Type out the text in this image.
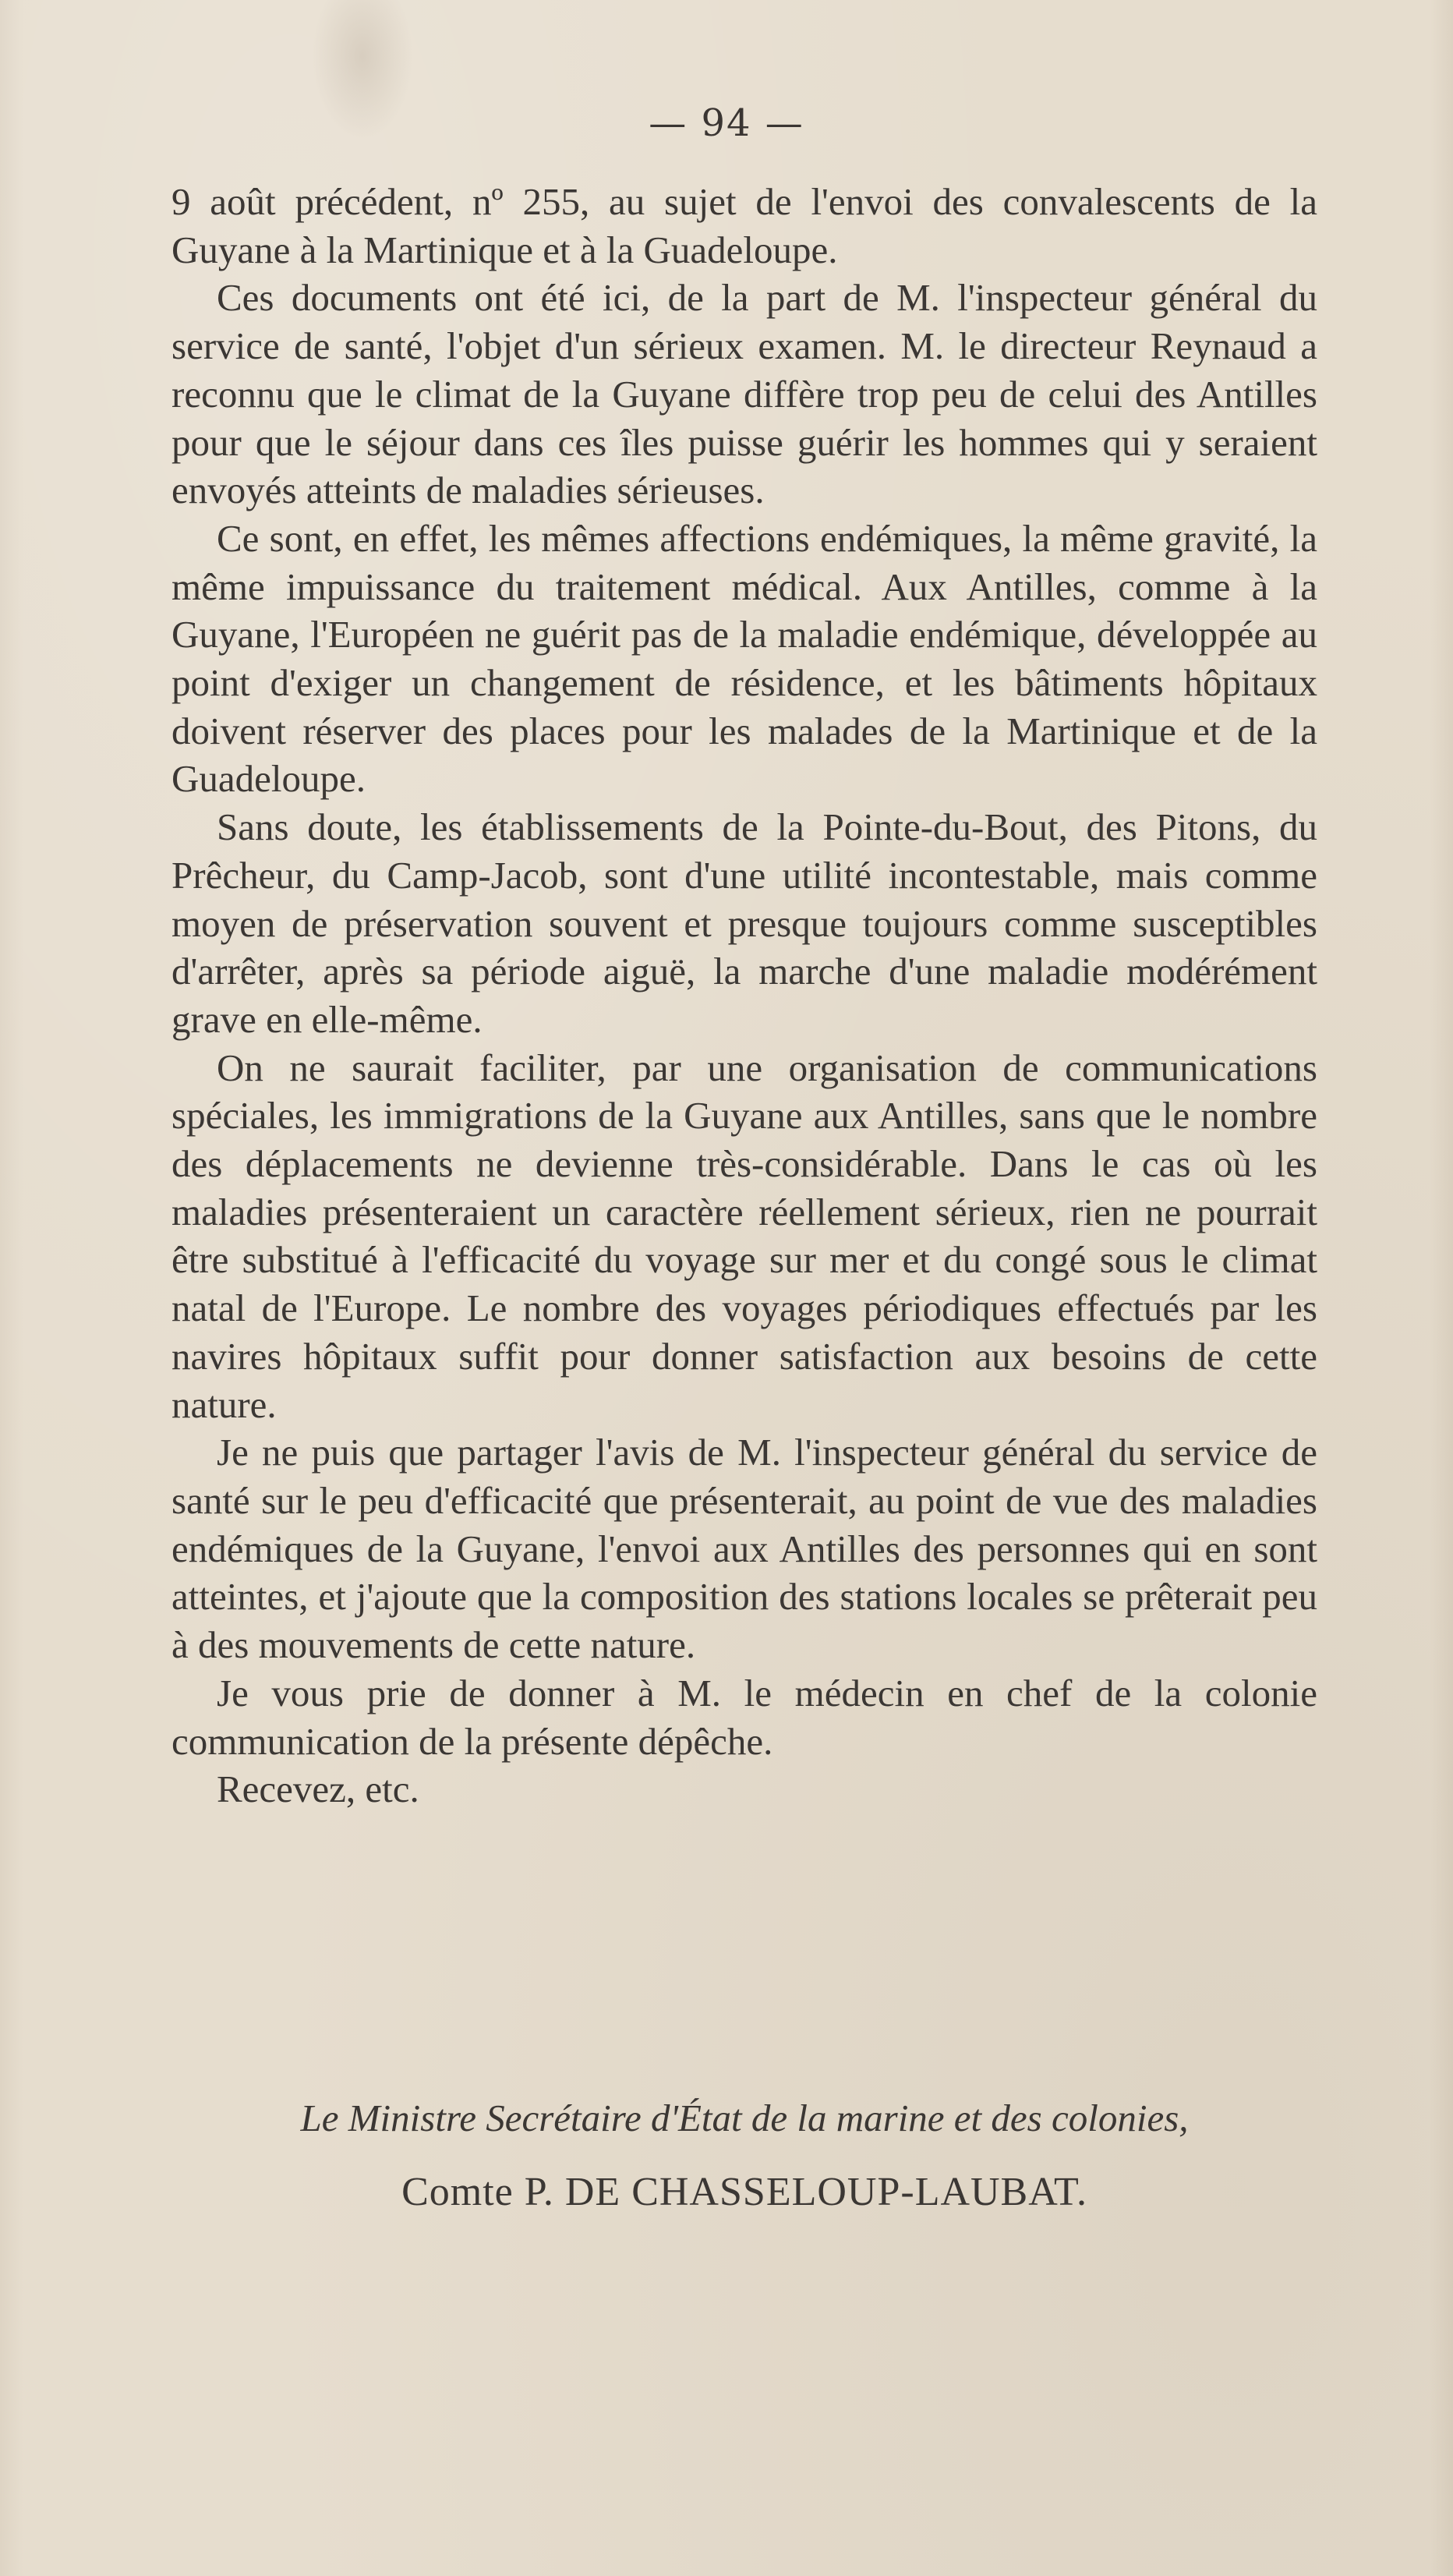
— 94 —

9 août précédent, nº 255, au sujet de l'envoi des convalescents de la Guyane à la Martinique et à la Guadeloupe.

Ces documents ont été ici, de la part de M. l'inspecteur général du service de santé, l'objet d'un sérieux examen. M. le directeur Reynaud a reconnu que le climat de la Guyane diffère trop peu de celui des Antilles pour que le séjour dans ces îles puisse guérir les hommes qui y seraient envoyés atteints de maladies sérieuses.

Ce sont, en effet, les mêmes affections endémiques, la même gravité, la même impuissance du traitement médical. Aux Antilles, comme à la Guyane, l'Européen ne guérit pas de la maladie endémique, développée au point d'exiger un changement de résidence, et les bâtiments hôpitaux doivent réserver des places pour les malades de la Martinique et de la Guadeloupe.

Sans doute, les établissements de la Pointe-du-Bout, des Pitons, du Prêcheur, du Camp-Jacob, sont d'une utilité incontestable, mais comme moyen de préservation souvent et presque toujours comme susceptibles d'arrêter, après sa période aiguë, la marche d'une maladie modérément grave en elle-même.

On ne saurait faciliter, par une organisation de communications spéciales, les immigrations de la Guyane aux Antilles, sans que le nombre des déplacements ne devienne très-considérable. Dans le cas où les maladies présenteraient un caractère réellement sérieux, rien ne pourrait être substitué à l'efficacité du voyage sur mer et du congé sous le climat natal de l'Europe. Le nombre des voyages périodiques effectués par les navires hôpitaux suffit pour donner satisfaction aux besoins de cette nature.

Je ne puis que partager l'avis de M. l'inspecteur général du service de santé sur le peu d'efficacité que présenterait, au point de vue des maladies endémiques de la Guyane, l'envoi aux Antilles des personnes qui en sont atteintes, et j'ajoute que la composition des stations locales se prêterait peu à des mouvements de cette nature.

Je vous prie de donner à M. le médecin en chef de la colonie communication de la présente dépêche.

Recevez, etc.

Le Ministre Secrétaire d'État de la marine et des colonies,
Comte P. DE CHASSELOUP-LAUBAT.
